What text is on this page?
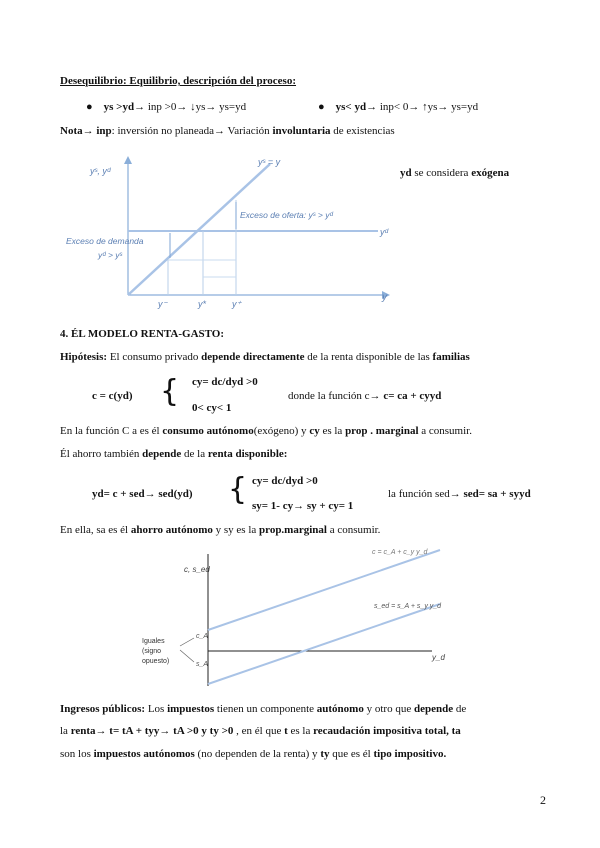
Desequilibrio: Equilibrio, descripción del proceso:
● ys >yd→ inp >0→ ↓ys→ ys=yd	● ys< yd→ inp< 0→ ↑ys→ ys=yd
Nota→ inp: inversión no planeada→ Variación involuntaria de existencias
yˢ, yᵈ
y
yˢ = y
yᵈ
Exceso de oferta: yˢ > yᵈ
Exceso de demanda
yᵈ > yˢ
y⁻	y*	y⁺
yd se considera exógena
4. ÉL MODELO RENTA-GASTO:
Hipótesis: El consumo privado depende directamente de la renta disponible de las familias
c = c(yd) { cy= dc/dyd >0
0< cy< 1
donde la función c→ c= ca + cyyd
En la función C a es él consumo autónomo(exógeno) y cy es la prop . marginal a consumir.
Él ahorro también depende de la renta disponible:
yd= c + sed→ sed(yd) { cy= dc/dyd >0
sy= 1- cy→ sy + cy= 1
la función sed→ sed= sa + syyd
En ella, sa es él ahorro autónomo y sy es la prop.marginal a consumir.
c, s_ed
y_d
c = c_A + c_y y_d
s_ed = s_A + s_y y_d
c_A
s_A
Iguales
(signo
opuesto)
Ingresos públicos: Los impuestos tienen un componente autónomo y otro que depende de
la renta→ t= tA + tyy→ tA >0 y ty >0 , en él que t es la recaudación impositiva total, ta
son los impuestos autónomos (no dependen de la renta) y ty que es él tipo impositivo.
2
